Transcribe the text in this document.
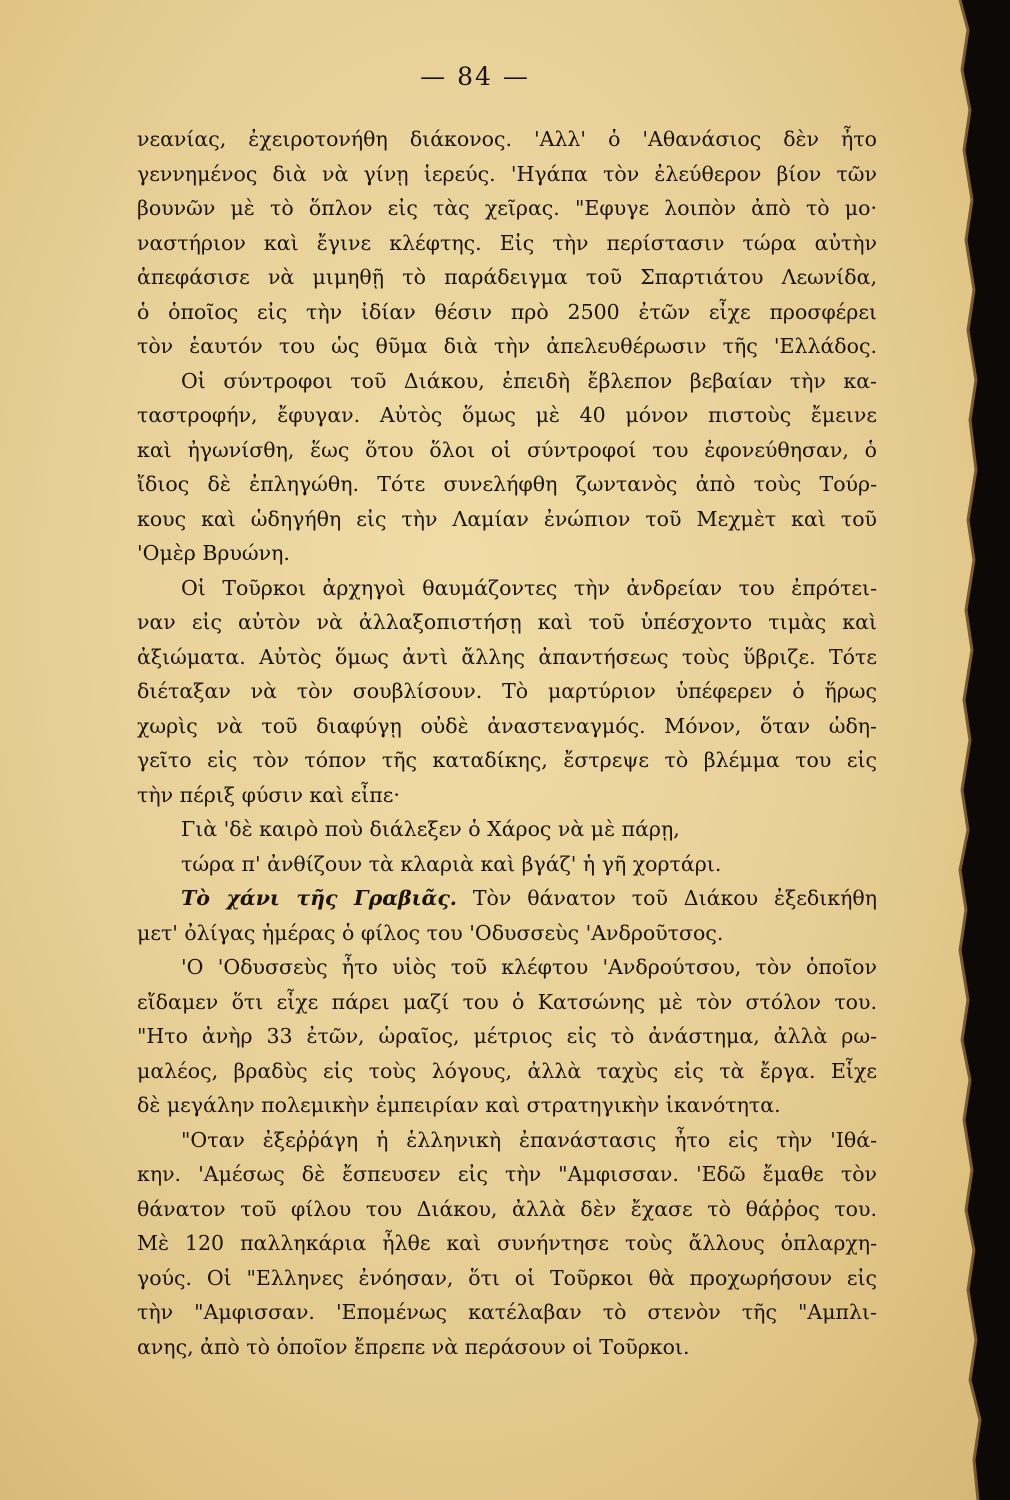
— 84 —
νεανίας, ἐχειροτονήθη διάκονος. 'Αλλ' ὁ 'Αθανάσιος δὲν ἦτο
γεννημένος διὰ νὰ γίνῃ ἱερεύς. 'Ηγάπα τὸν ἐλεύθερον βίον τῶν
βουνῶν μὲ τὸ ὅπλον εἰς τὰς χεῖρας. "Εφυγε λοιπὸν ἀπὸ τὸ μο·
ναστήριον καὶ ἔγινε κλέφτης. Εἰς τὴν περίστασιν τώρα αὐτὴν
ἀπεφάσισε νὰ μιμηθῇ τὸ παράδειγμα τοῦ Σπαρτιάτου Λεωνίδα,
ὁ ὁποῖος εἰς τὴν ἰδίαν θέσιν πρὸ 2500 ἐτῶν εἶχε προσφέρει
τὸν ἑαυτόν του ὡς θῦμα διὰ τὴν ἀπελευθέρωσιν τῆς 'Ελλάδος.
Οἱ σύντροφοι τοῦ Διάκου, ἐπειδὴ ἔβλεπον βεβαίαν τὴν κα-
ταστροφήν, ἔφυγαν. Αὐτὸς ὅμως μὲ 40 μόνον πιστοὺς ἔμεινε
καὶ ἠγωνίσθη, ἕως ὅτου ὅλοι οἱ σύντροφοί του ἐφονεύθησαν, ὁ
ἴδιος δὲ ἐπληγώθη. Τότε συνελήφθη ζωντανὸς ἀπὸ τοὺς Τούρ-
κους καὶ ὡδηγήθη εἰς τὴν Λαμίαν ἐνώπιον τοῦ Μεχμὲτ καὶ τοῦ
'Ομὲρ Βρυώνη.
Οἱ Τοῦρκοι ἀρχηγοὶ θαυμάζοντες τὴν ἀνδρείαν του ἐπρότει-
ναν εἰς αὐτὸν νὰ ἀλλαξοπιστήσῃ καὶ τοῦ ὑπέσχοντο τιμὰς καὶ
ἀξιώματα. Αὐτὸς ὅμως ἀντὶ ἄλλης ἀπαντήσεως τοὺς ὕβριζε. Τότε
διέταξαν νὰ τὸν σουβλίσουν. Τὸ μαρτύριον ὑπέφερεν ὁ ἥρως
χωρὶς νὰ τοῦ διαφύγῃ οὐδὲ ἀναστεναγμός. Μόνον, ὅταν ὡδη-
γεῖτο εἰς τὸν τόπον τῆς καταδίκης, ἔστρεψε τὸ βλέμμα του εἰς
τὴν πέριξ φύσιν καὶ εἶπε·
Γιὰ 'δὲ καιρὸ ποὺ διάλεξεν ὁ Χάρος νὰ μὲ πάρῃ,
τώρα π' ἀνθίζουν τὰ κλαριὰ καὶ βγάζ' ἡ γῆ χορτάρι.
Τὸ χάνι τῆς Γραβιᾶς. Τὸν θάνατον τοῦ Διάκου ἐξεδικήθη
μετ' ὀλίγας ἡμέρας ὁ φίλος του 'Οδυσσεὺς 'Ανδροῦτσος.
'Ο 'Οδυσσεὺς ἦτο υἱὸς τοῦ κλέφτου 'Ανδρούτσου, τὸν ὁποῖον
εἴδαμεν ὅτι εἶχε πάρει μαζί του ὁ Κατσώνης μὲ τὸν στόλον του.
"Ητο ἀνὴρ 33 ἐτῶν, ὡραῖος, μέτριος εἰς τὸ ἀνάστημα, ἀλλὰ ρω-
μαλέος, βραδὺς εἰς τοὺς λόγους, ἀλλὰ ταχὺς εἰς τὰ ἔργα. Εἶχε
δὲ μεγάλην πολεμικὴν ἐμπειρίαν καὶ στρατηγικὴν ἱκανότητα.
"Οταν ἐξεῤῥάγη ἡ ἑλληνικὴ ἐπανάστασις ἦτο εἰς τὴν 'Ιθά-
κην. 'Αμέσως δὲ ἔσπευσεν εἰς τὴν "Αμφισσαν. 'Εδῶ ἔμαθε τὸν
θάνατον τοῦ φίλου του Διάκου, ἀλλὰ δὲν ἔχασε τὸ θάῤῥος του.
Μὲ 120 παλληκάρια ἦλθε καὶ συνήντησε τοὺς ἄλλους ὁπλαρχη-
γούς. Οἱ "Ελληνες ἐνόησαν, ὅτι οἱ Τοῦρκοι θὰ προχωρήσουν εἰς
τὴν "Αμφισσαν. 'Επομένως κατέλαβαν τὸ στενὸν τῆς "Αμπλι-
ανης, ἀπὸ τὸ ὁποῖον ἔπρεπε νὰ περάσουν οἱ Τοῦρκοι.
